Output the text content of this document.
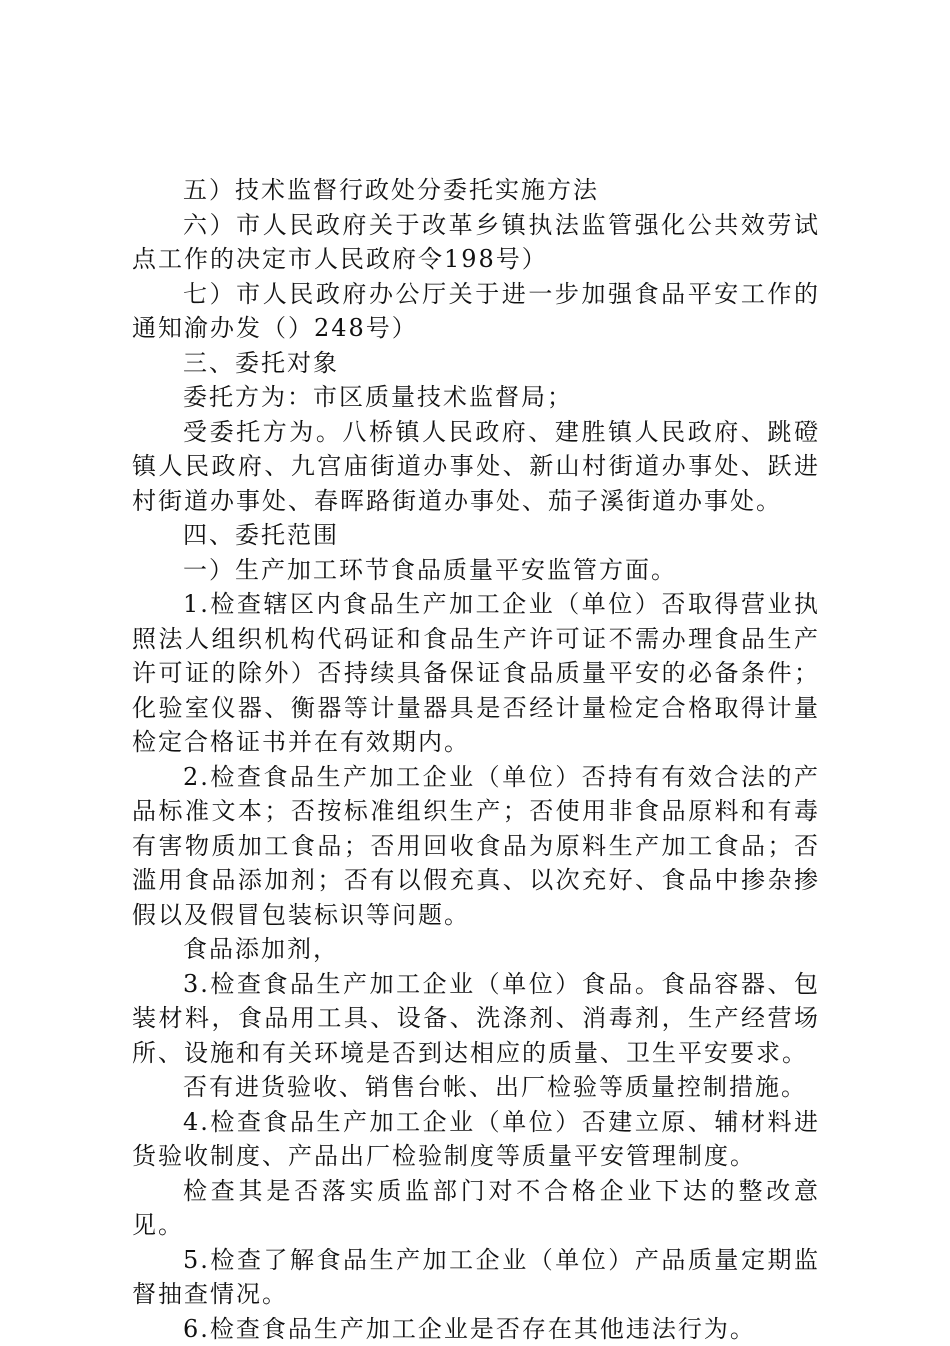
五）技术监督行政处分委托实施方法

六）市人民政府关于改革乡镇执法监管强化公共效劳试点工作的决定市人民政府令198号）

七）市人民政府办公厅关于进一步加强食品平安工作的通知渝办发（）248号）

三、委托对象

委托方为：市区质量技术监督局；

受委托方为。八桥镇人民政府、建胜镇人民政府、跳磴镇人民政府、九宫庙街道办事处、新山村街道办事处、跃进村街道办事处、春晖路街道办事处、茄子溪街道办事处。

四、委托范围

一）生产加工环节食品质量平安监管方面。

1.检查辖区内食品生产加工企业（单位）否取得营业执照法人组织机构代码证和食品生产许可证不需办理食品生产许可证的除外）否持续具备保证食品质量平安的必备条件；化验室仪器、衡器等计量器具是否经计量检定合格取得计量检定合格证书并在有效期内。

2.检查食品生产加工企业（单位）否持有有效合法的产品标准文本；否按标准组织生产；否使用非食品原料和有毒有害物质加工食品；否用回收食品为原料生产加工食品；否滥用食品添加剂；否有以假充真、以次充好、食品中掺杂掺假以及假冒包装标识等问题。

食品添加剂，

3.检查食品生产加工企业（单位）食品。食品容器、包装材料，食品用工具、设备、洗涤剂、消毒剂，生产经营场所、设施和有关环境是否到达相应的质量、卫生平安要求。

否有进货验收、销售台帐、出厂检验等质量控制措施。

4.检查食品生产加工企业（单位）否建立原、辅材料进货验收制度、产品出厂检验制度等质量平安管理制度。

检查其是否落实质监部门对不合格企业下达的整改意见。

5.检查了解食品生产加工企业（单位）产品质量定期监督抽查情况。

6.检查食品生产加工企业是否存在其他违法行为。
